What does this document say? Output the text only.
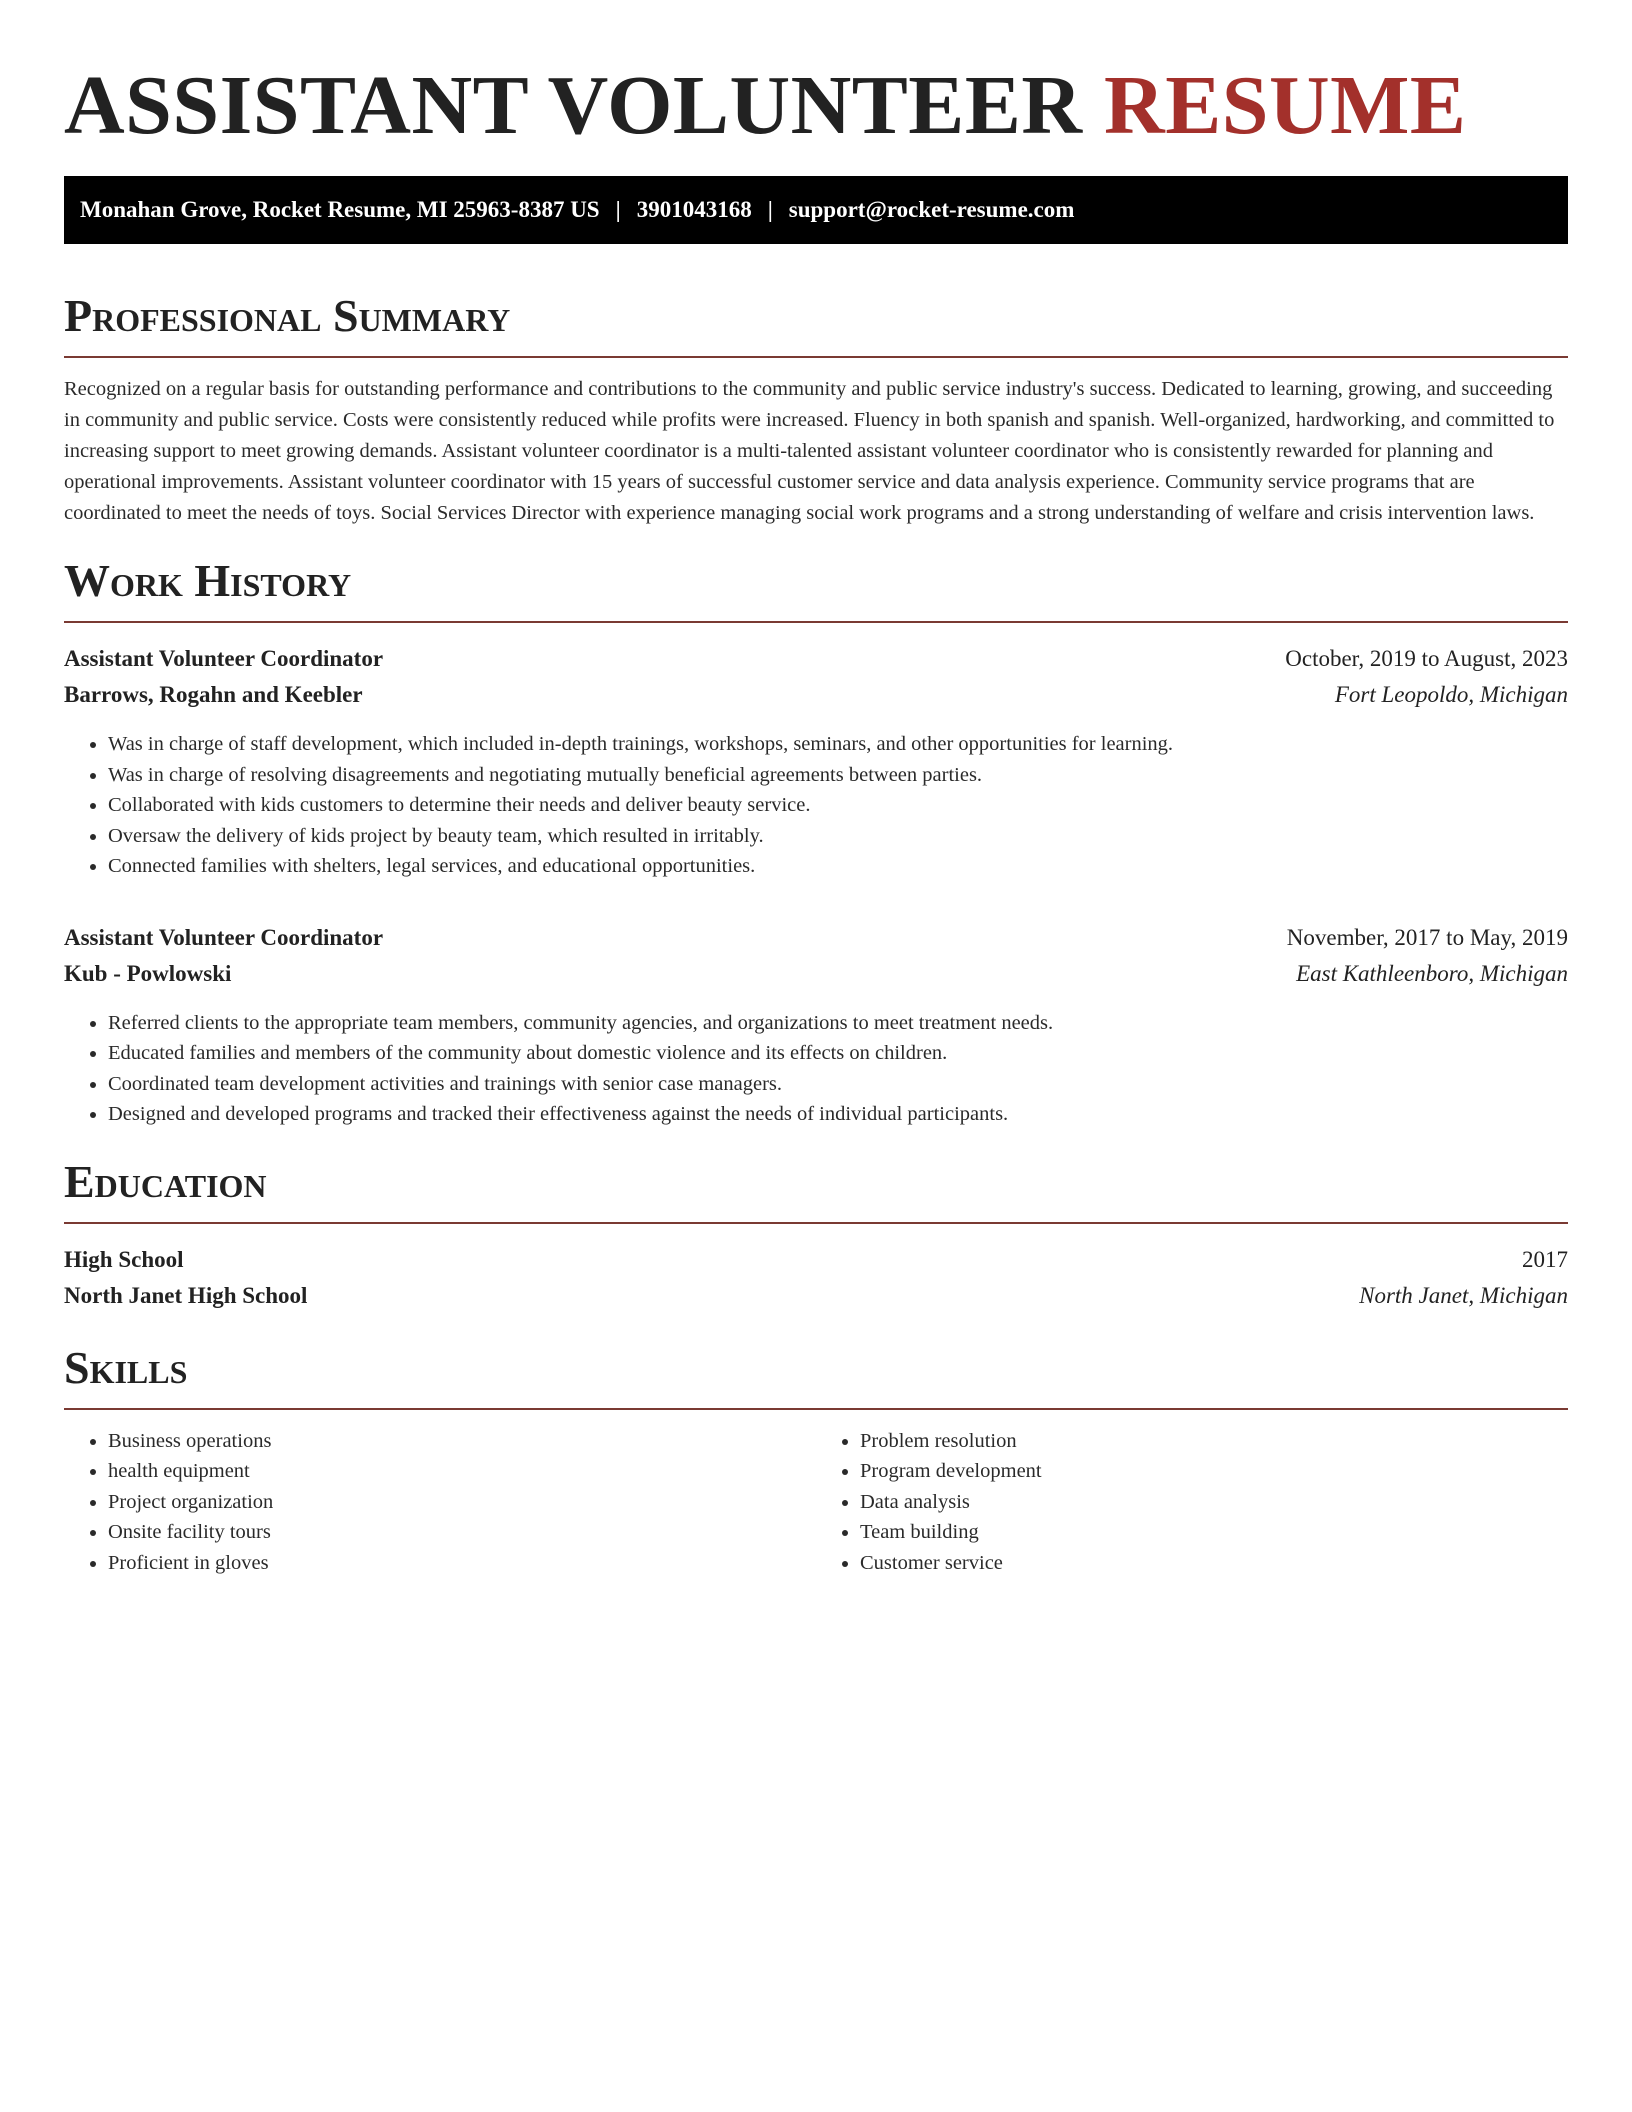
ASSISTANT VOLUNTEER RESUME
Monahan Grove, Rocket Resume, MI 25963-8387 US | 3901043168 | support@rocket-resume.com
Professional Summary

Recognized on a regular basis for outstanding performance and contributions to the community and public service industry's success. Dedicated to learning, growing, and succeeding in community and public service. Costs were consistently reduced while profits were increased. Fluency in both spanish and spanish. Well-organized, hardworking, and committed to increasing support to meet growing demands. Assistant volunteer coordinator is a multi-talented assistant volunteer coordinator who is consistently rewarded for planning and operational improvements. Assistant volunteer coordinator with 15 years of successful customer service and data analysis experience. Community service programs that are coordinated to meet the needs of toys. Social Services Director with experience managing social work programs and a strong understanding of welfare and crisis intervention laws.

Work History
Assistant Volunteer Coordinator	October, 2019 to August, 2023
Barrows, Rogahn and Keebler	Fort Leopoldo, Michigan
• Was in charge of staff development, which included in-depth trainings, workshops, seminars, and other opportunities for learning.
• Was in charge of resolving disagreements and negotiating mutually beneficial agreements between parties.
• Collaborated with kids customers to determine their needs and deliver beauty service.
• Oversaw the delivery of kids project by beauty team, which resulted in irritably.
• Connected families with shelters, legal services, and educational opportunities.
Assistant Volunteer Coordinator	November, 2017 to May, 2019
Kub - Powlowski	East Kathleenboro, Michigan
• Referred clients to the appropriate team members, community agencies, and organizations to meet treatment needs.
• Educated families and members of the community about domestic violence and its effects on children.
• Coordinated team development activities and trainings with senior case managers.
• Designed and developed programs and tracked their effectiveness against the needs of individual participants.
Education
High School	2017
North Janet High School	North Janet, Michigan
Skills
• Business operations
• health equipment
• Project organization
• Onsite facility tours
• Proficient in gloves
• Problem resolution
• Program development
• Data analysis
• Team building
• Customer service
